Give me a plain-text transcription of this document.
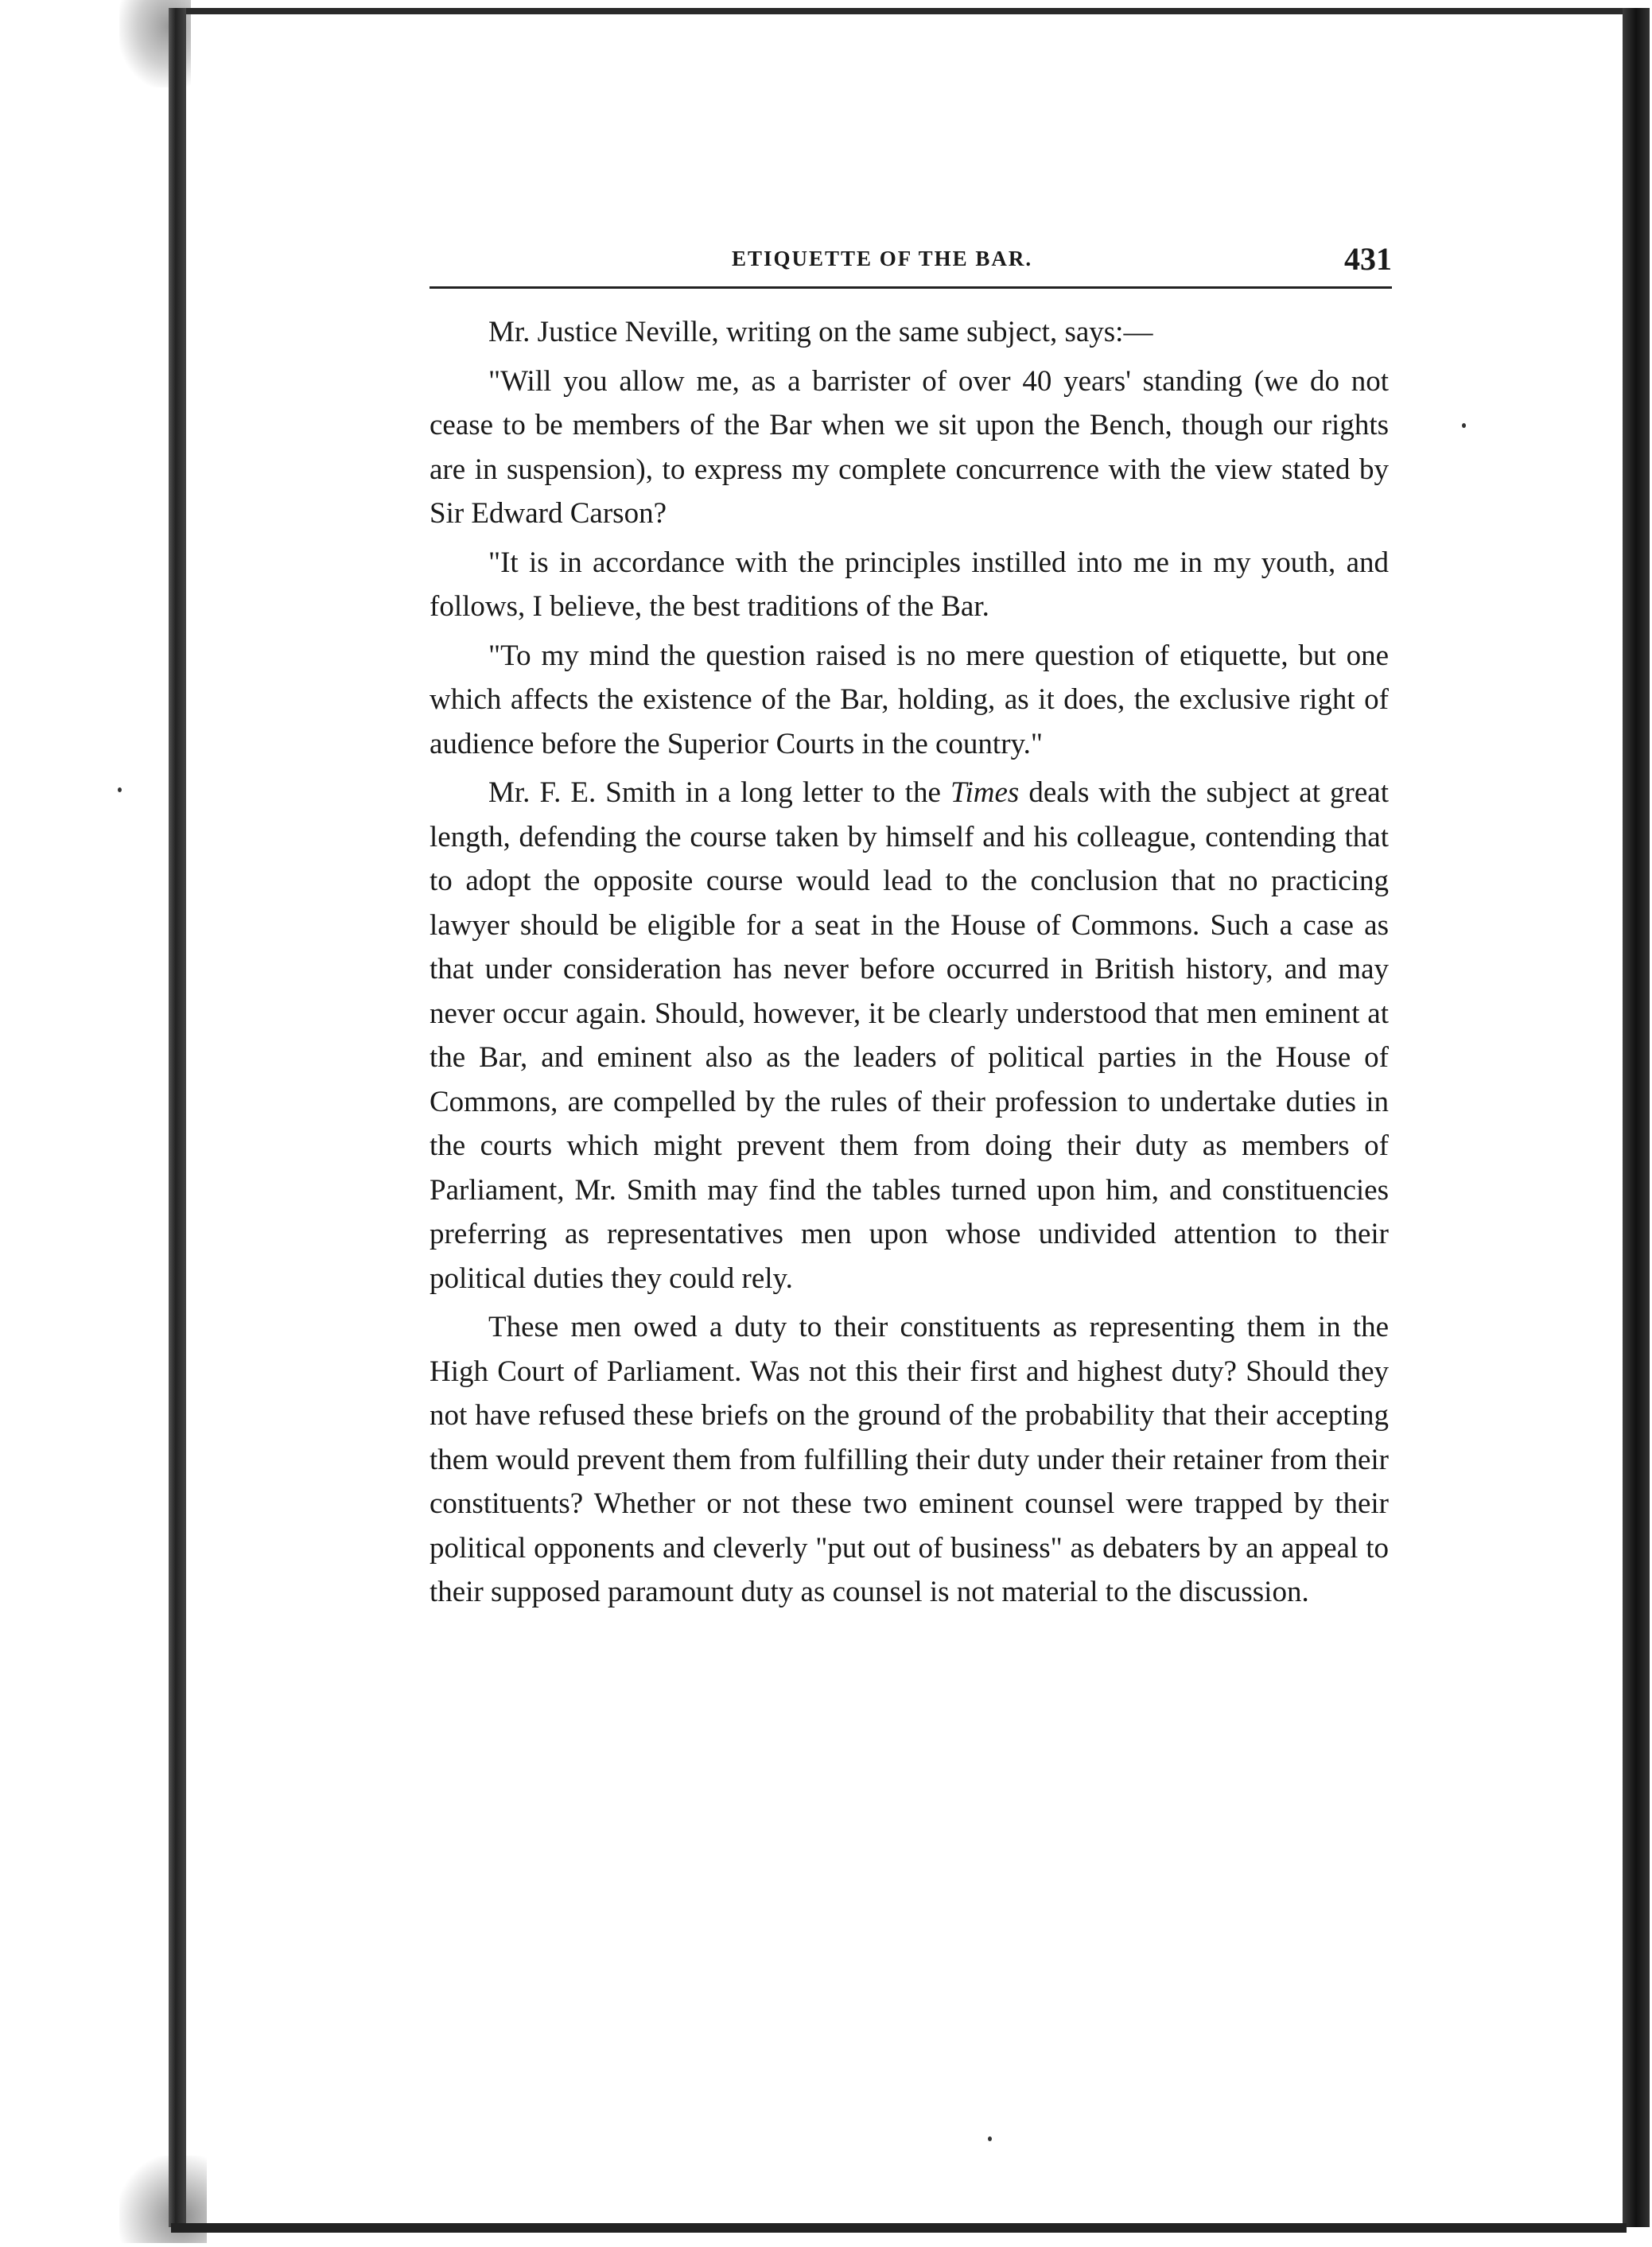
ETIQUETTE OF THE BAR.	431

Mr. Justice Neville, writing on the same subject, says:—

"Will you allow me, as a barrister of over 40 years' standing (we do not cease to be members of the Bar when we sit upon the Bench, though our rights are in suspension), to express my complete concurrence with the view stated by Sir Edward Carson?

"It is in accordance with the principles instilled into me in my youth, and follows, I believe, the best traditions of the Bar.

"To my mind the question raised is no mere question of etiquette, but one which affects the existence of the Bar, holding, as it does, the exclusive right of audience before the Superior Courts in the country."

Mr. F. E. Smith in a long letter to the Times deals with the subject at great length, defending the course taken by himself and his colleague, contending that to adopt the opposite course would lead to the conclusion that no practicing lawyer should be eligible for a seat in the House of Commons. Such a case as that under consideration has never before occurred in British history, and may never occur again. Should, however, it be clearly understood that men eminent at the Bar, and eminent also as the leaders of political parties in the House of Commons, are compelled by the rules of their profession to undertake duties in the courts which might prevent them from doing their duty as members of Parliament, Mr. Smith may find the tables turned upon him, and constituencies preferring as representatives men upon whose undivided attention to their political duties they could rely.

These men owed a duty to their constituents as representing them in the High Court of Parliament. Was not this their first and highest duty? Should they not have refused these briefs on the ground of the probability that their accepting them would prevent them from fulfilling their duty under their retainer from their constituents? Whether or not these two eminent counsel were trapped by their political opponents and cleverly "put out of business" as debaters by an appeal to their supposed paramount duty as counsel is not material to the discussion.
